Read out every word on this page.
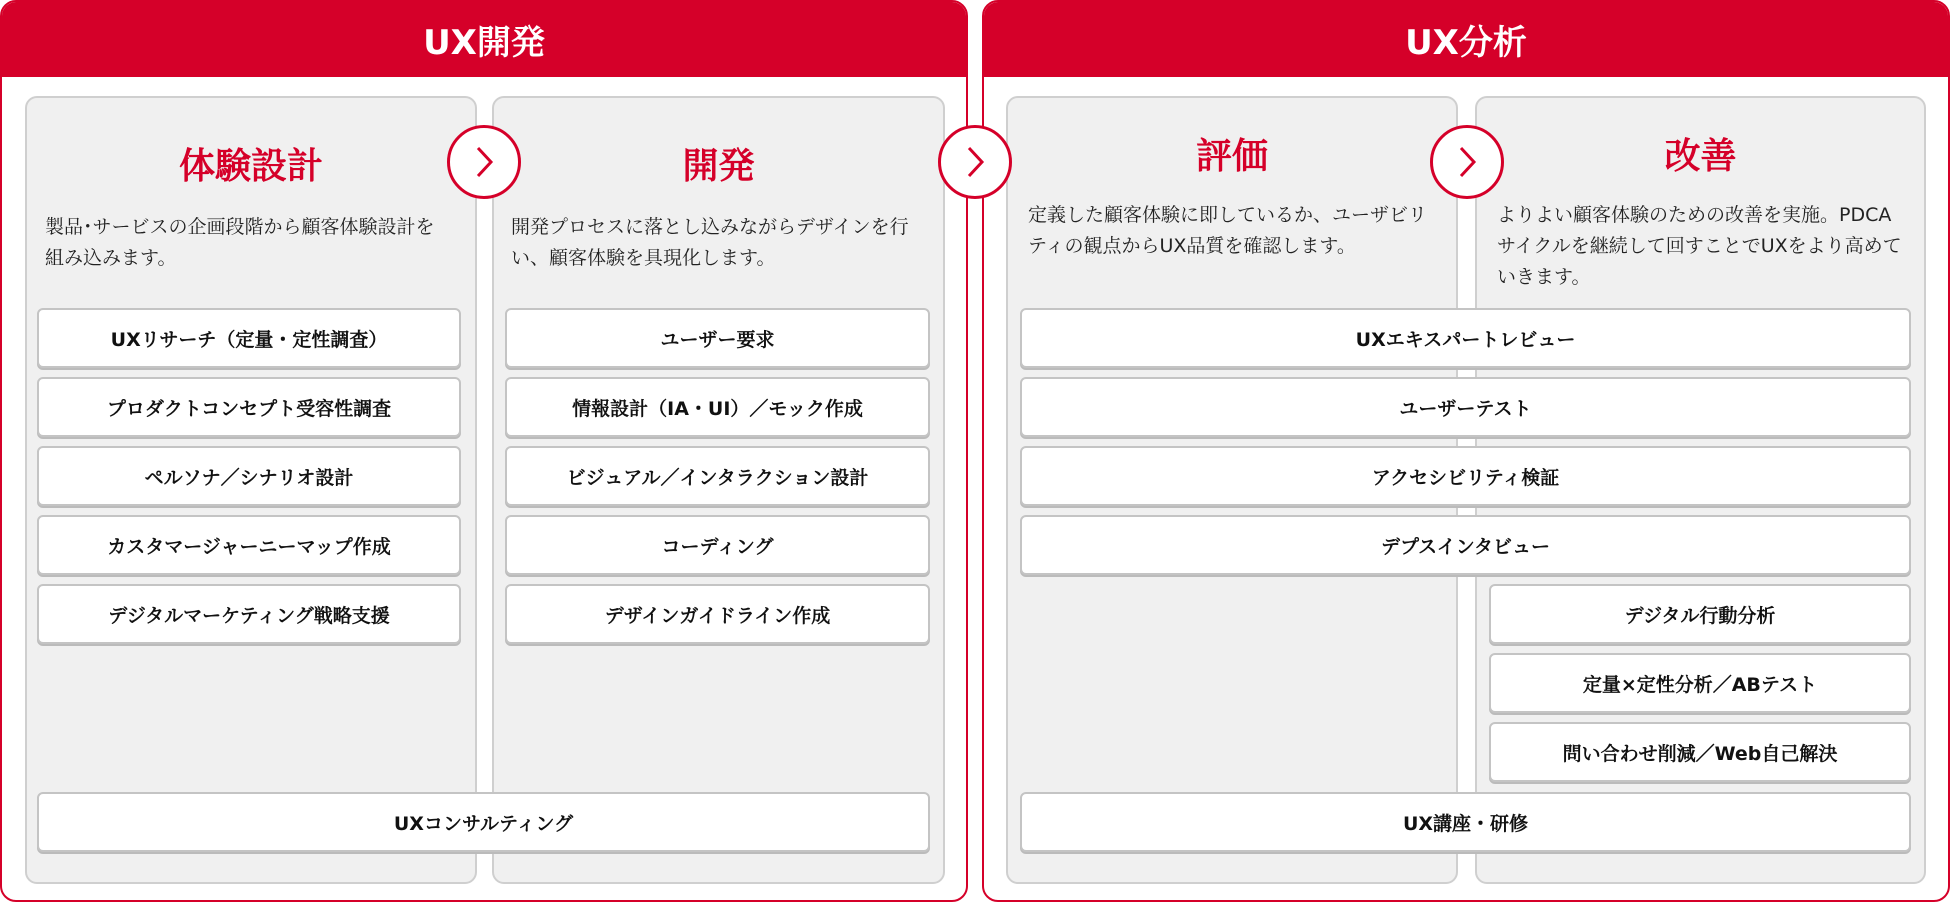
UX開発	UX分析
体験設計	開発	評価	改善
製品･サービスの企画段階から顧客体験設計を組み込みます。
開発プロセスに落とし込みながらデザインを行い、顧客体験を具現化します。
定義した顧客体験に即しているか、ユーザビリティの観点からUX品質を確認します。
よりよい顧客体験のための改善を実施。PDCAサイクルを継続して回すことでUXをより高めていきます。
UXリサーチ（定量・定性調査）
プロダクトコンセプト受容性調査
ペルソナ／シナリオ設計
カスタマージャーニーマップ作成
デジタルマーケティング戦略支援
ユーザー要求
情報設計（IA・UI）／モック作成
ビジュアル／インタラクション設計
コーディング
デザインガイドライン作成
UXコンサルティング
UXエキスパートレビュー
ユーザーテスト
アクセシビリティ検証
デプスインタビュー
デジタル行動分析
定量×定性分析／ABテスト
問い合わせ削減／Web自己解決
UX講座・研修
